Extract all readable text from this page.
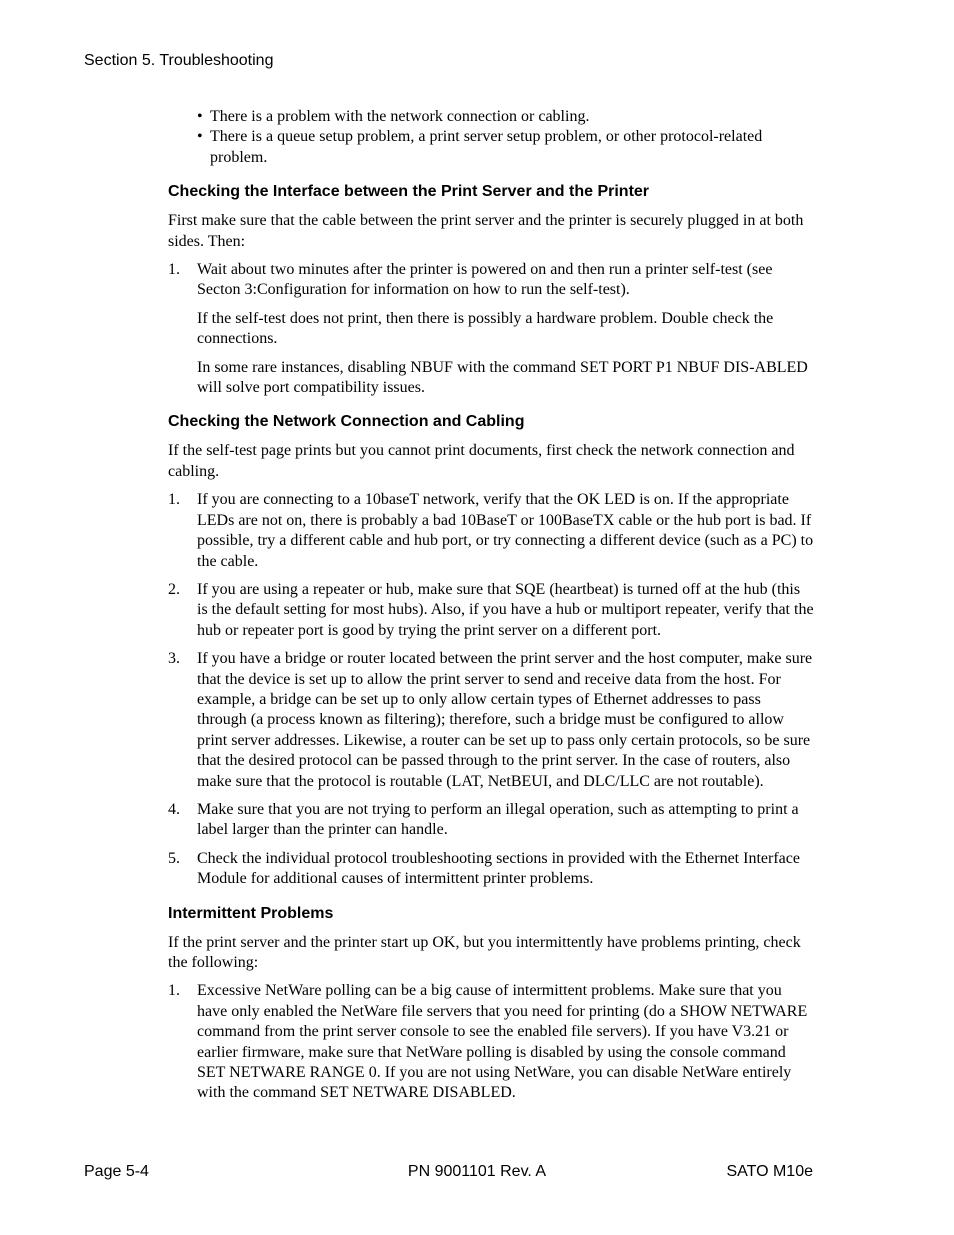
Section 5. Troubleshooting
• There is a problem with the network connection or cabling.
• There is a queue setup problem, a print server setup problem, or other protocol-related problem.
Checking the Interface between the Print Server and the Printer

First make sure that the cable between the print server and the printer is securely plugged in at both sides. Then:

1. Wait about two minutes after the printer is powered on and then run a printer self-test (see Secton 3:Configuration for information on how to run the self-test).

If the self-test does not print, then there is possibly a hardware problem. Double check the connections.

In some rare instances, disabling NBUF with the command SET PORT P1 NBUF DIS-ABLED will solve port compatibility issues.

Checking the Network Connection and Cabling

If the self-test page prints but you cannot print documents, first check the network connection and cabling.

1. If you are connecting to a 10baseT network, verify that the OK LED is on. If the appropriate LEDs are not on, there is probably a bad 10BaseT or 100BaseTX cable or the hub port is bad. If possible, try a different cable and hub port, or try connecting a different device (such as a PC) to the cable.

2. If you are using a repeater or hub, make sure that SQE (heartbeat) is turned off at the hub (this is the default setting for most hubs). Also, if you have a hub or multiport repeater, verify that the hub or repeater port is good by trying the print server on a different port.

3. If you have a bridge or router located between the print server and the host computer, make sure that the device is set up to allow the print server to send and receive data from the host. For example, a bridge can be set up to only allow certain types of Ethernet addresses to pass through (a process known as filtering); therefore, such a bridge must be configured to allow print server addresses. Likewise, a router can be set up to pass only certain protocols, so be sure that the desired protocol can be passed through to the print server. In the case of routers, also make sure that the protocol is routable (LAT, NetBEUI, and DLC/LLC are not routable).

4. Make sure that you are not trying to perform an illegal operation, such as attempting to print a label larger than the printer can handle.

5. Check the individual protocol troubleshooting sections in provided with the Ethernet Interface Module for additional causes of intermittent printer problems.

Intermittent Problems

If the print server and the printer start up OK, but you intermittently have problems printing, check the following:

1. Excessive NetWare polling can be a big cause of intermittent problems. Make sure that you have only enabled the NetWare file servers that you need for printing (do a SHOW NETWARE command from the print server console to see the enabled file servers). If you have V3.21 or earlier firmware, make sure that NetWare polling is disabled by using the console command SET NETWARE RANGE 0. If you are not using NetWare, you can disable NetWare entirely with the command SET NETWARE DISABLED.

Page 5-4	PN 9001101 Rev. A	SATO M10e
